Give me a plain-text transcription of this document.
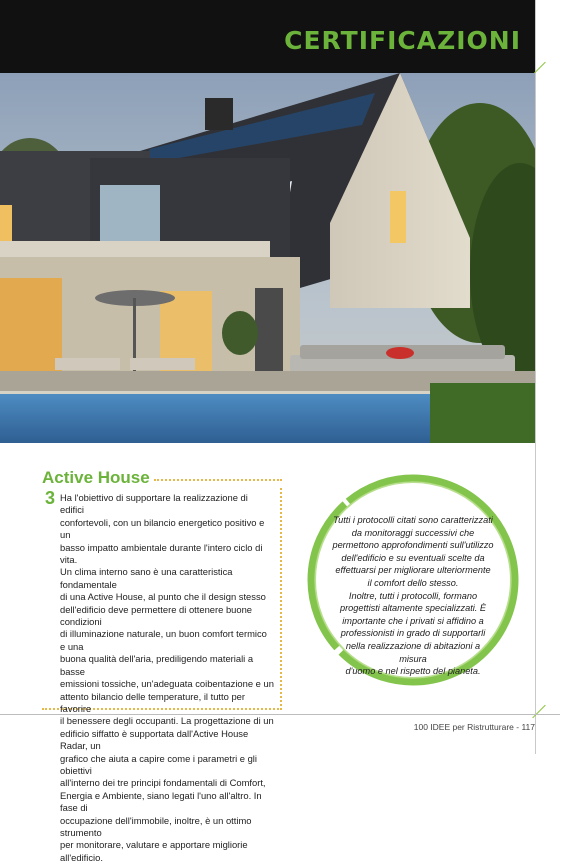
CERTIFICAZIONI
Active House
3 Ha l'obiettivo di supportare la realizzazione di edifici
confortevoli, con un bilancio energetico positivo e un
basso impatto ambientale durante l'intero ciclo di vita.
Un clima interno sano è una caratteristica fondamentale
di una Active House, al punto che il design stesso
dell'edificio deve permettere di ottenere buone condizioni
di illuminazione naturale, un buon comfort termico e una
buona qualità dell'aria, prediligendo materiali a basse
emissioni tossiche, un'adeguata coibentazione e un
attento bilancio delle temperature, il tutto per favorire
il benessere degli occupanti. La progettazione di un
edificio siffatto è supportata dall'Active House Radar, un
grafico che aiuta a capire come i parametri e gli obiettivi
all'interno dei tre principi fondamentali di Comfort,
Energia e Ambiente, siano legati l'uno all'altro. In fase di
occupazione dell'immobile, inoltre, è un ottimo strumento
per monitorare, valutare e apportare migliorie all'edificio.
Tutti i protocolli citati sono caratterizzati
da monitoraggi successivi che
permettono approfondimenti sull'utilizzo
dell'edificio e su eventuali scelte da
effettuarsi per migliorare ulteriormente
il comfort dello stesso.
Inoltre, tutti i protocolli, formano
progettisti altamente specializzati. È
importante che i privati si affidino a
professionisti in grado di supportarli
nella realizzazione di abitazioni a misura
d'uomo e nel rispetto del pianeta.
100 IDEE per Ristrutturare - 117
